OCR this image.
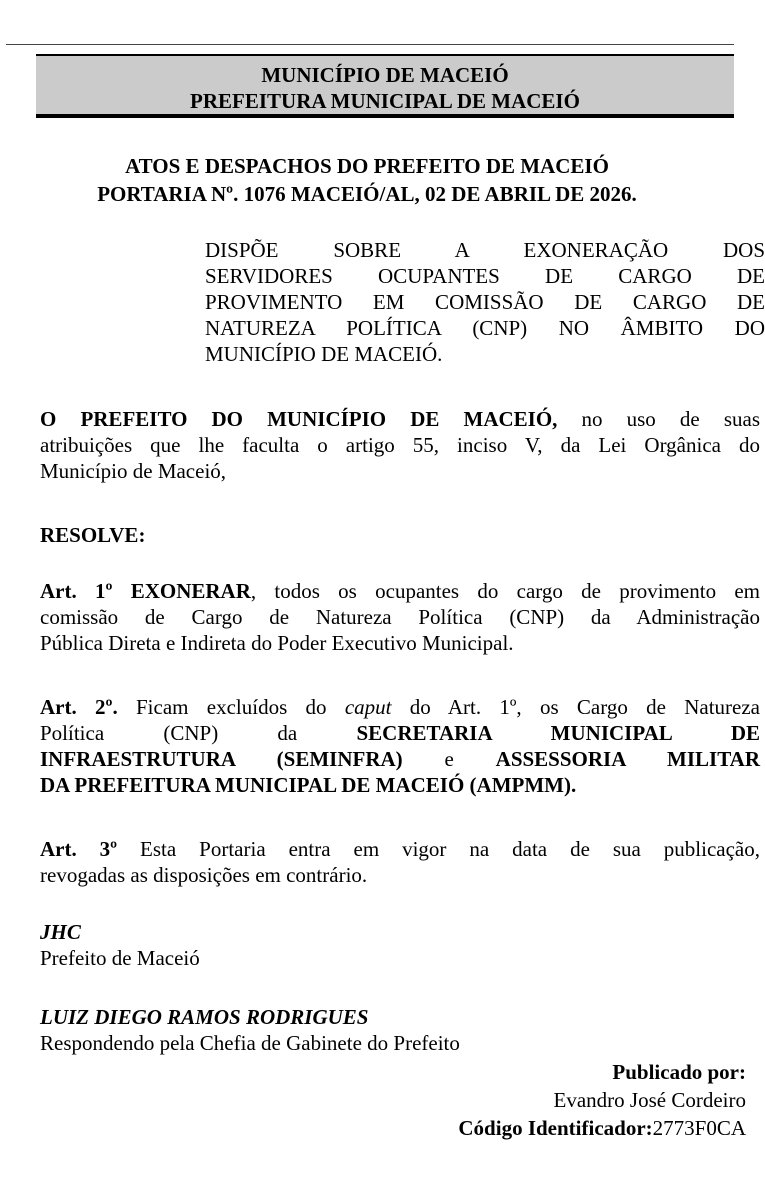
MUNICÍPIO DE MACEIÓ
PREFEITURA MUNICIPAL DE MACEIÓ
ATOS E DESPACHOS DO PREFEITO DE MACEIÓ
PORTARIA Nº. 1076 MACEIÓ/AL, 02 DE ABRIL DE 2026.
DISPÕE SOBRE A EXONERAÇÃO DOS
SERVIDORES OCUPANTES DE CARGO DE
PROVIMENTO EM COMISSÃO DE CARGO DE
NATUREZA POLÍTICA (CNP) NO ÂMBITO DO
MUNICÍPIO DE MACEIÓ.
O PREFEITO DO MUNICÍPIO DE MACEIÓ, no uso de suas
atribuições que lhe faculta o artigo 55, inciso V, da Lei Orgânica do
Município de Maceió,
RESOLVE:
Art. 1º EXONERAR, todos os ocupantes do cargo de provimento em
comissão de Cargo de Natureza Política (CNP) da Administração
Pública Direta e Indireta do Poder Executivo Municipal.
Art. 2º. Ficam excluídos do caput do Art. 1º, os Cargo de Natureza
Política (CNP) da SECRETARIA MUNICIPAL DE
INFRAESTRUTURA (SEMINFRA) e ASSESSORIA MILITAR
DA PREFEITURA MUNICIPAL DE MACEIÓ (AMPMM).
Art. 3º Esta Portaria entra em vigor na data de sua publicação,
revogadas as disposições em contrário.
JHC
Prefeito de Maceió
LUIZ DIEGO RAMOS RODRIGUES
Respondendo pela Chefia de Gabinete do Prefeito
Publicado por:
Evandro José Cordeiro
Código Identificador:2773F0CA
